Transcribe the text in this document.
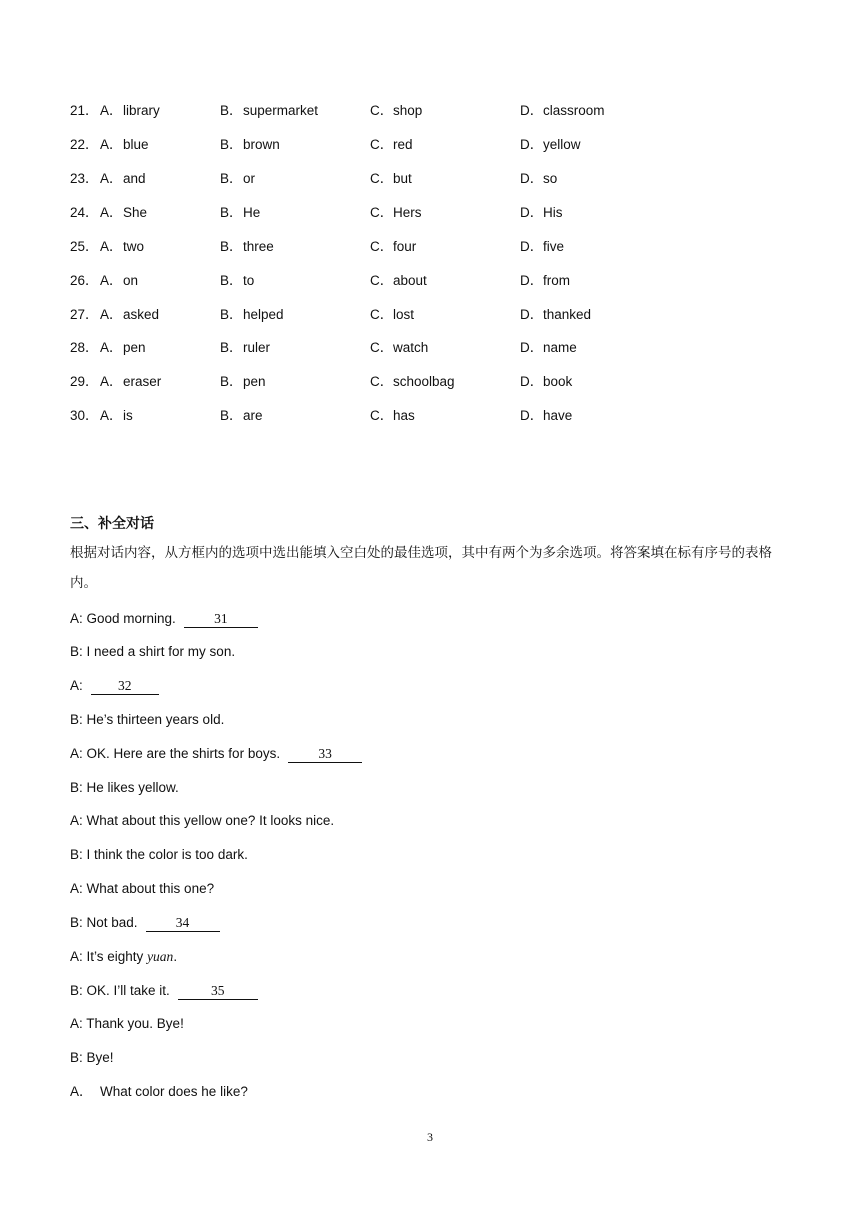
21． A．library	B．supermarket	C．shop	D．classroom
22． A．blue	B．brown	C．red	D．yellow
23． A．and	B．or	C．but	D．so
24． A．She	B．He	C．Hers	D．His
25． A．two	B．three	C．four	D．five
26． A．on	B．to	C．about	D．from
27． A．asked	B．helped	C．lost	D．thanked
28． A．pen	B．ruler	C．watch	D．name
29． A．eraser	B．pen	C．schoolbag	D．book
30． A．is	B．are	C．has	D．have
三、补全对话
根据对话内容，从方框内的选项中选出能填入空白处的最佳选项，其中有两个为多余选项。将答案填在标有序号的表格内。
A: Good morning.	31
B: I need a shirt for my son.
A:	32
B: He’s thirteen years old.
A: OK. Here are the shirts for boys.	33
B: He likes yellow.
A: What about this yellow one? It looks nice.
B: I think the color is too dark.
A: What about this one?
B: Not bad.	34
A: It’s eighty yuan.
B: OK. I’ll take it.	35
A: Thank you. Bye!
B: Bye!
A．  What color does he like?
3
